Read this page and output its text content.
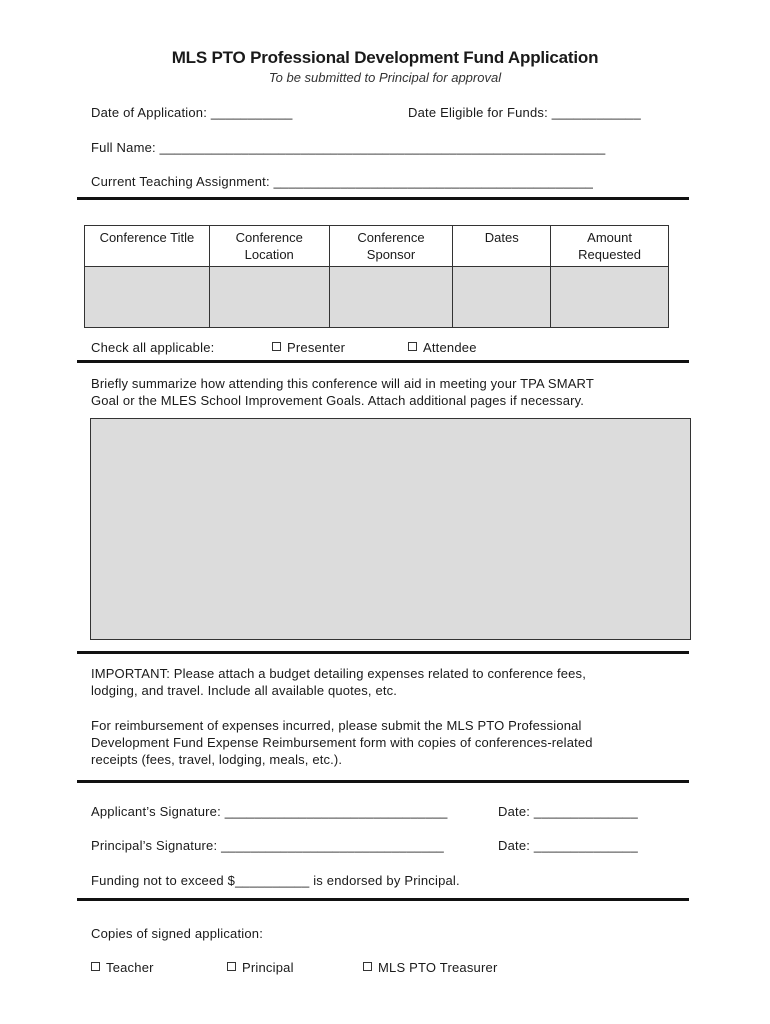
MLS PTO Professional Development Fund Application
To be submitted to Principal for approval
Date of Application: ___________	Date Eligible for Funds: ____________
Full Name: ____________________________________________________________
Current Teaching Assignment: ___________________________________________
Conference Title	Conference Location	Conference Sponsor	Dates	Amount Requested

Check all applicable:	Presenter	Attendee
Briefly summarize how attending this conference will aid in meeting your TPA SMART
Goal or the MLES School Improvement Goals. Attach additional pages if necessary.
IMPORTANT: Please attach a budget detailing expenses related to conference fees,
lodging, and travel. Include all available quotes, etc.
For reimbursement of expenses incurred, please submit the MLS PTO Professional
Development Fund Expense Reimbursement form with copies of conferences-related
receipts (fees, travel, lodging, meals, etc.).
Applicant’s Signature: ______________________________	Date: ______________
Principal’s Signature: ______________________________	Date: ______________
Funding not to exceed $__________ is endorsed by Principal.
Copies of signed application:
Teacher	Principal	MLS PTO Treasurer
